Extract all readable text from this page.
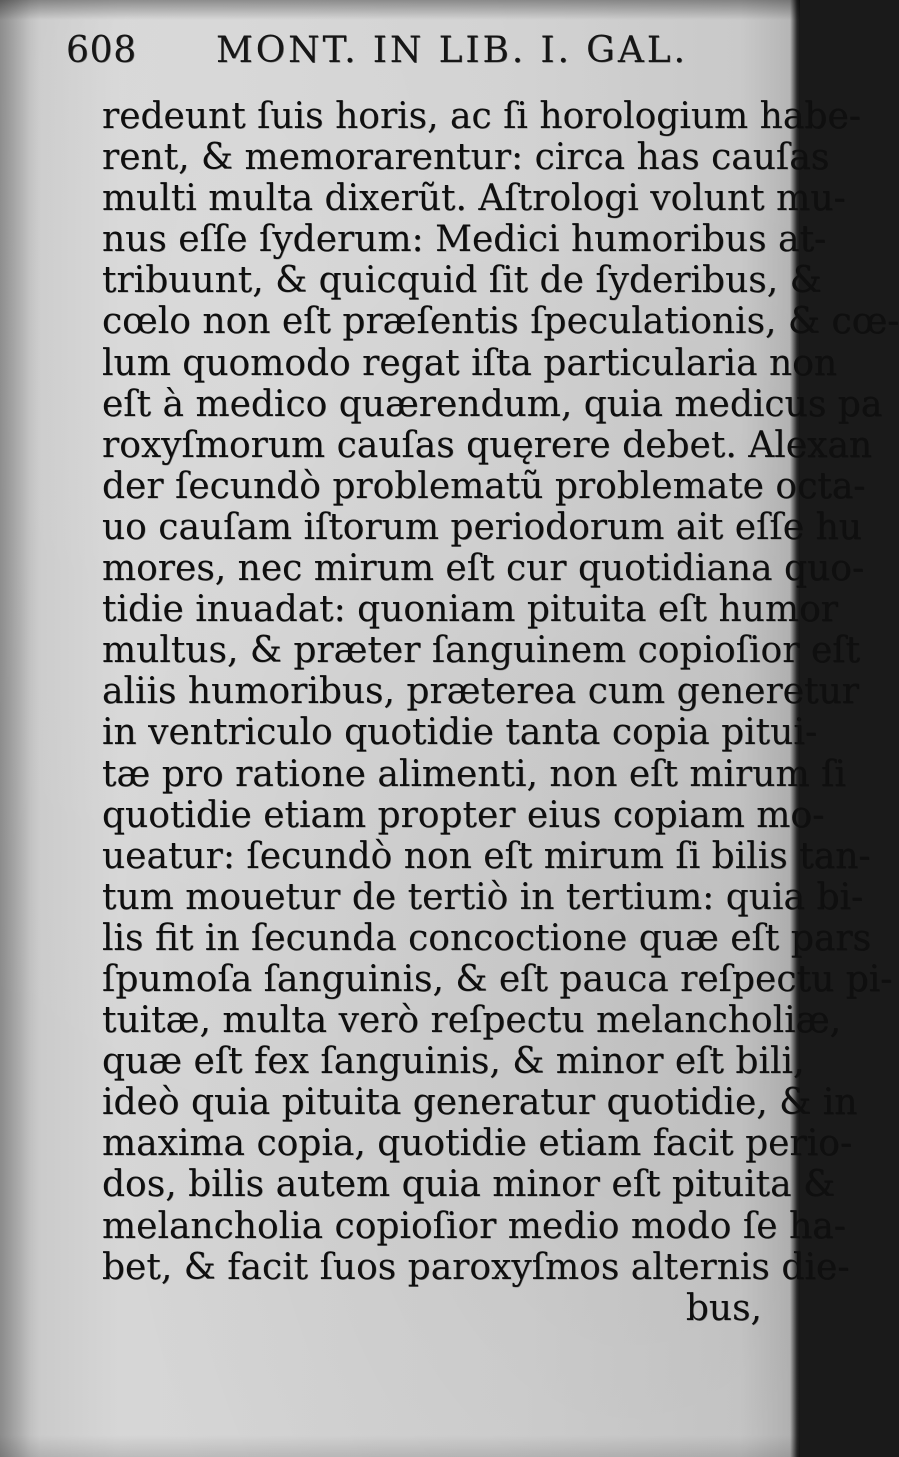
608	MONT. IN LIB. I. GAL.
redeunt ſuis horis, ac ſi horologium habe-
rent, & memorarentur: circa has cauſas
multi multa dixerũt. Aſtrologi volunt mu-
nus eſſe ſyderum: Medici humoribus at-
tribuunt, & quicquid ſit de ſyderibus, &
cœlo non eſt præſentis ſpeculationis, & cœ-
lum quomodo regat iſta particularia non
eſt à medico quærendum, quia medicus pa
roxyſmorum cauſas quęrere debet. Alexan
der ſecundò problematũ problemate octa-
uo cauſam iſtorum periodorum ait eſſe hu
mores, nec mirum eſt cur quotidiana quo-
tidie inuadat: quoniam pituita eſt humor
multus, & præter ſanguinem copioſior eſt
aliis humoribus, præterea cum generetur
in ventriculo quotidie tanta copia pitui-
tæ pro ratione alimenti, non eſt mirum ſi
quotidie etiam propter eius copiam mo-
ueatur: ſecundò non eſt mirum ſi bilis tan-
tum mouetur de tertiò in tertium: quia bi-
lis fit in ſecunda concoctione quæ eſt pars
ſpumoſa ſanguinis, & eſt pauca reſpectu pi-
tuitæ, multa verò reſpectu melancholiæ,
quæ eſt fex ſanguinis, & minor eſt bili,
ideò quia pituita generatur quotidie, & in
maxima copia, quotidie etiam facit perio-
dos, bilis autem quia minor eſt pituita &
melancholia copioſior medio modo ſe ha-
bet, & facit ſuos paroxyſmos alternis die-
bus,
